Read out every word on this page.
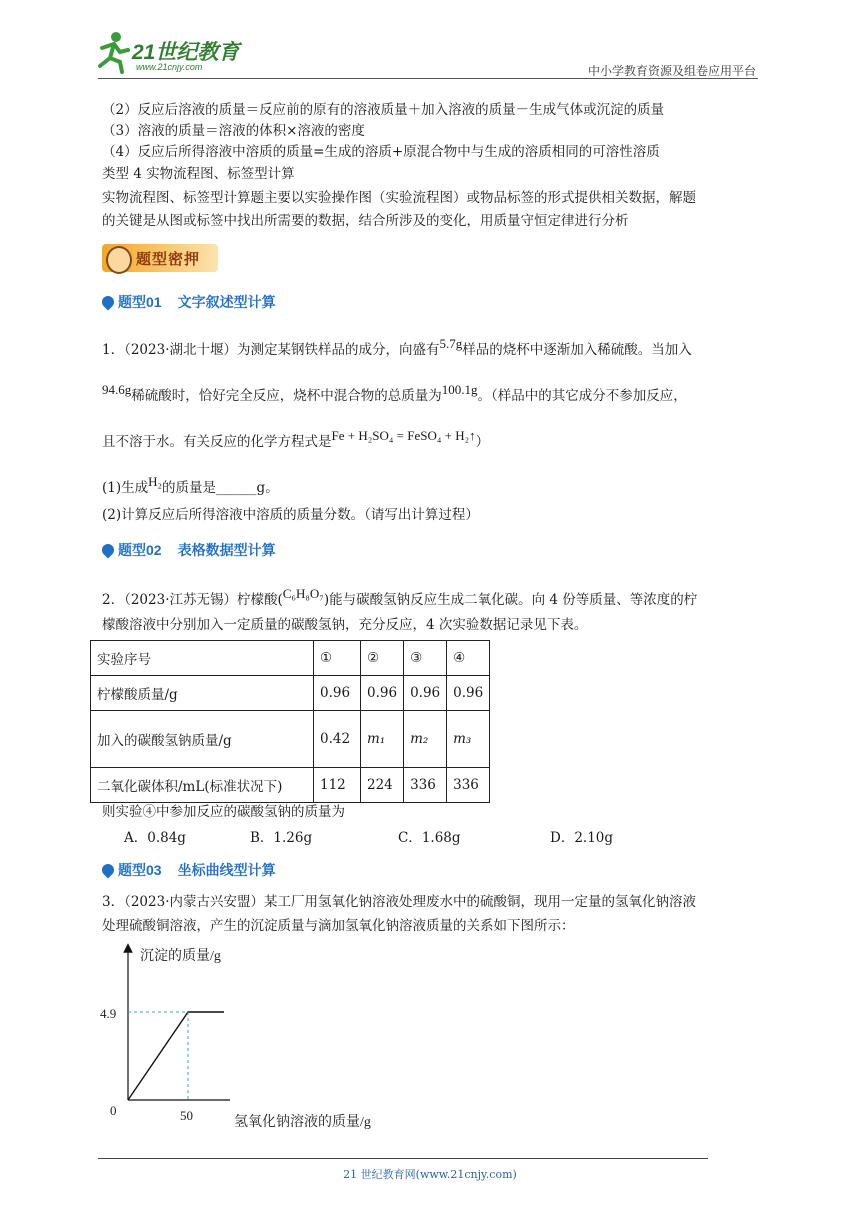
21世纪教育
www.21cnjy.com	中小学教育资源及组卷应用平台
（2）反应后溶液的质量＝反应前的原有的溶液质量＋加入溶液的质量－生成气体或沉淀的质量
（3）溶液的质量＝溶液的体积×溶液的密度
（4）反应后所得溶液中溶质的质量=生成的溶质+原混合物中与生成的溶质相同的可溶性溶质
类型 4 实物流程图、标签型计算
实物流程图、标签型计算题主要以实验操作图（实验流程图）或物品标签的形式提供相关数据，解题
的关键是从图或标签中找出所需要的数据，结合所涉及的变化，用质量守恒定律进行分析
题型密押
题型01 文字叙述型计算
1．（2023·湖北十堰）为测定某钢铁样品的成分，向盛有5.7g样品的烧杯中逐渐加入稀硫酸。当加入
94.6g稀硫酸时，恰好完全反应，烧杯中混合物的总质量为100.1g。（样品中的其它成分不参加反应，
且不溶于水。有关反应的化学方程式是Fe + H₂SO₄ = FeSO₄ + H₂↑）
(1)生成H₂的质量是______g。
(2)计算反应后所得溶液中溶质的质量分数。（请写出计算过程）
题型02 表格数据型计算
2．（2023·江苏无锡）柠檬酸(C₆H₈O₇)能与碳酸氢钠反应生成二氧化碳。向 4 份等质量、等浓度的柠
檬酸溶液中分别加入一定质量的碳酸氢钠，充分反应，4 次实验数据记录见下表。
实验序号	①	②	③	④
柠檬酸质量/g	0.96	0.96	0.96	0.96
加入的碳酸氢钠质量/g	0.42	m₁	m₂	m₃
二氧化碳体积/mL(标准状况下)	112	224	336	336
则实验④中参加反应的碳酸氢钠的质量为
A．0.84g	B．1.26g	C．1.68g	D．2.10g
题型03 坐标曲线型计算
3．（2023·内蒙古兴安盟）某工厂用氢氧化钠溶液处理废水中的硫酸铜，现用一定量的氢氧化钠溶液
处理硫酸铜溶液，产生的沉淀质量与滴加氢氧化钠溶液质量的关系如下图所示：
沉淀的质量/g
0
4.9
50	氢氧化钠溶液的质量/g
21 世纪教育网(www.21cnjy.com)
